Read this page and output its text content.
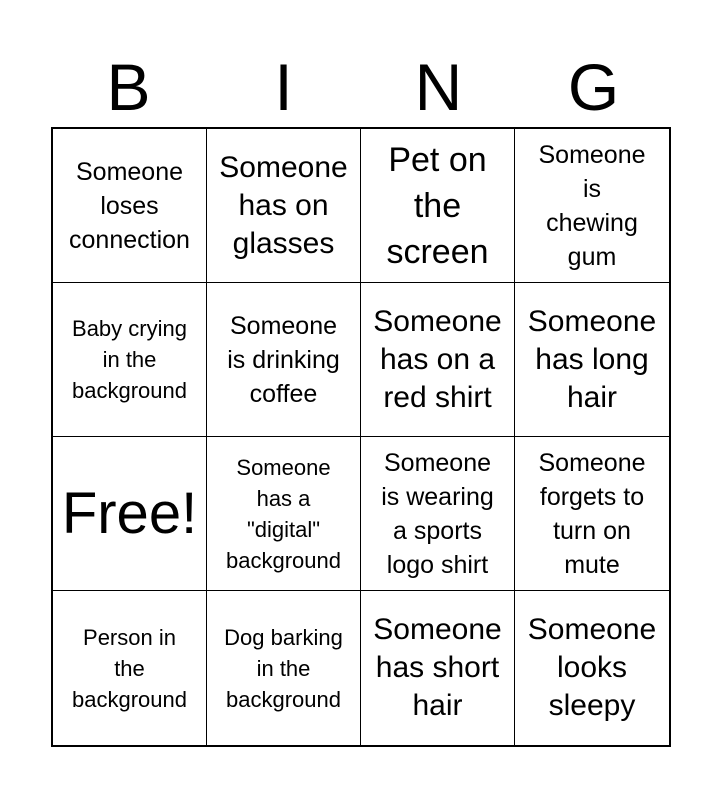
B	I	N	G
Someone
loses
connection
Someone
has on
glasses
Pet on
the
screen
Someone
is
chewing
gum
Baby crying
in the
background
Someone
is drinking
coffee
Someone
has on a
red shirt
Someone
has long
hair
Free!
Someone
has a
"digital"
background
Someone
is wearing
a sports
logo shirt
Someone
forgets to
turn on
mute
Person in
the
background
Dog barking
in the
background
Someone
has short
hair
Someone
looks
sleepy
